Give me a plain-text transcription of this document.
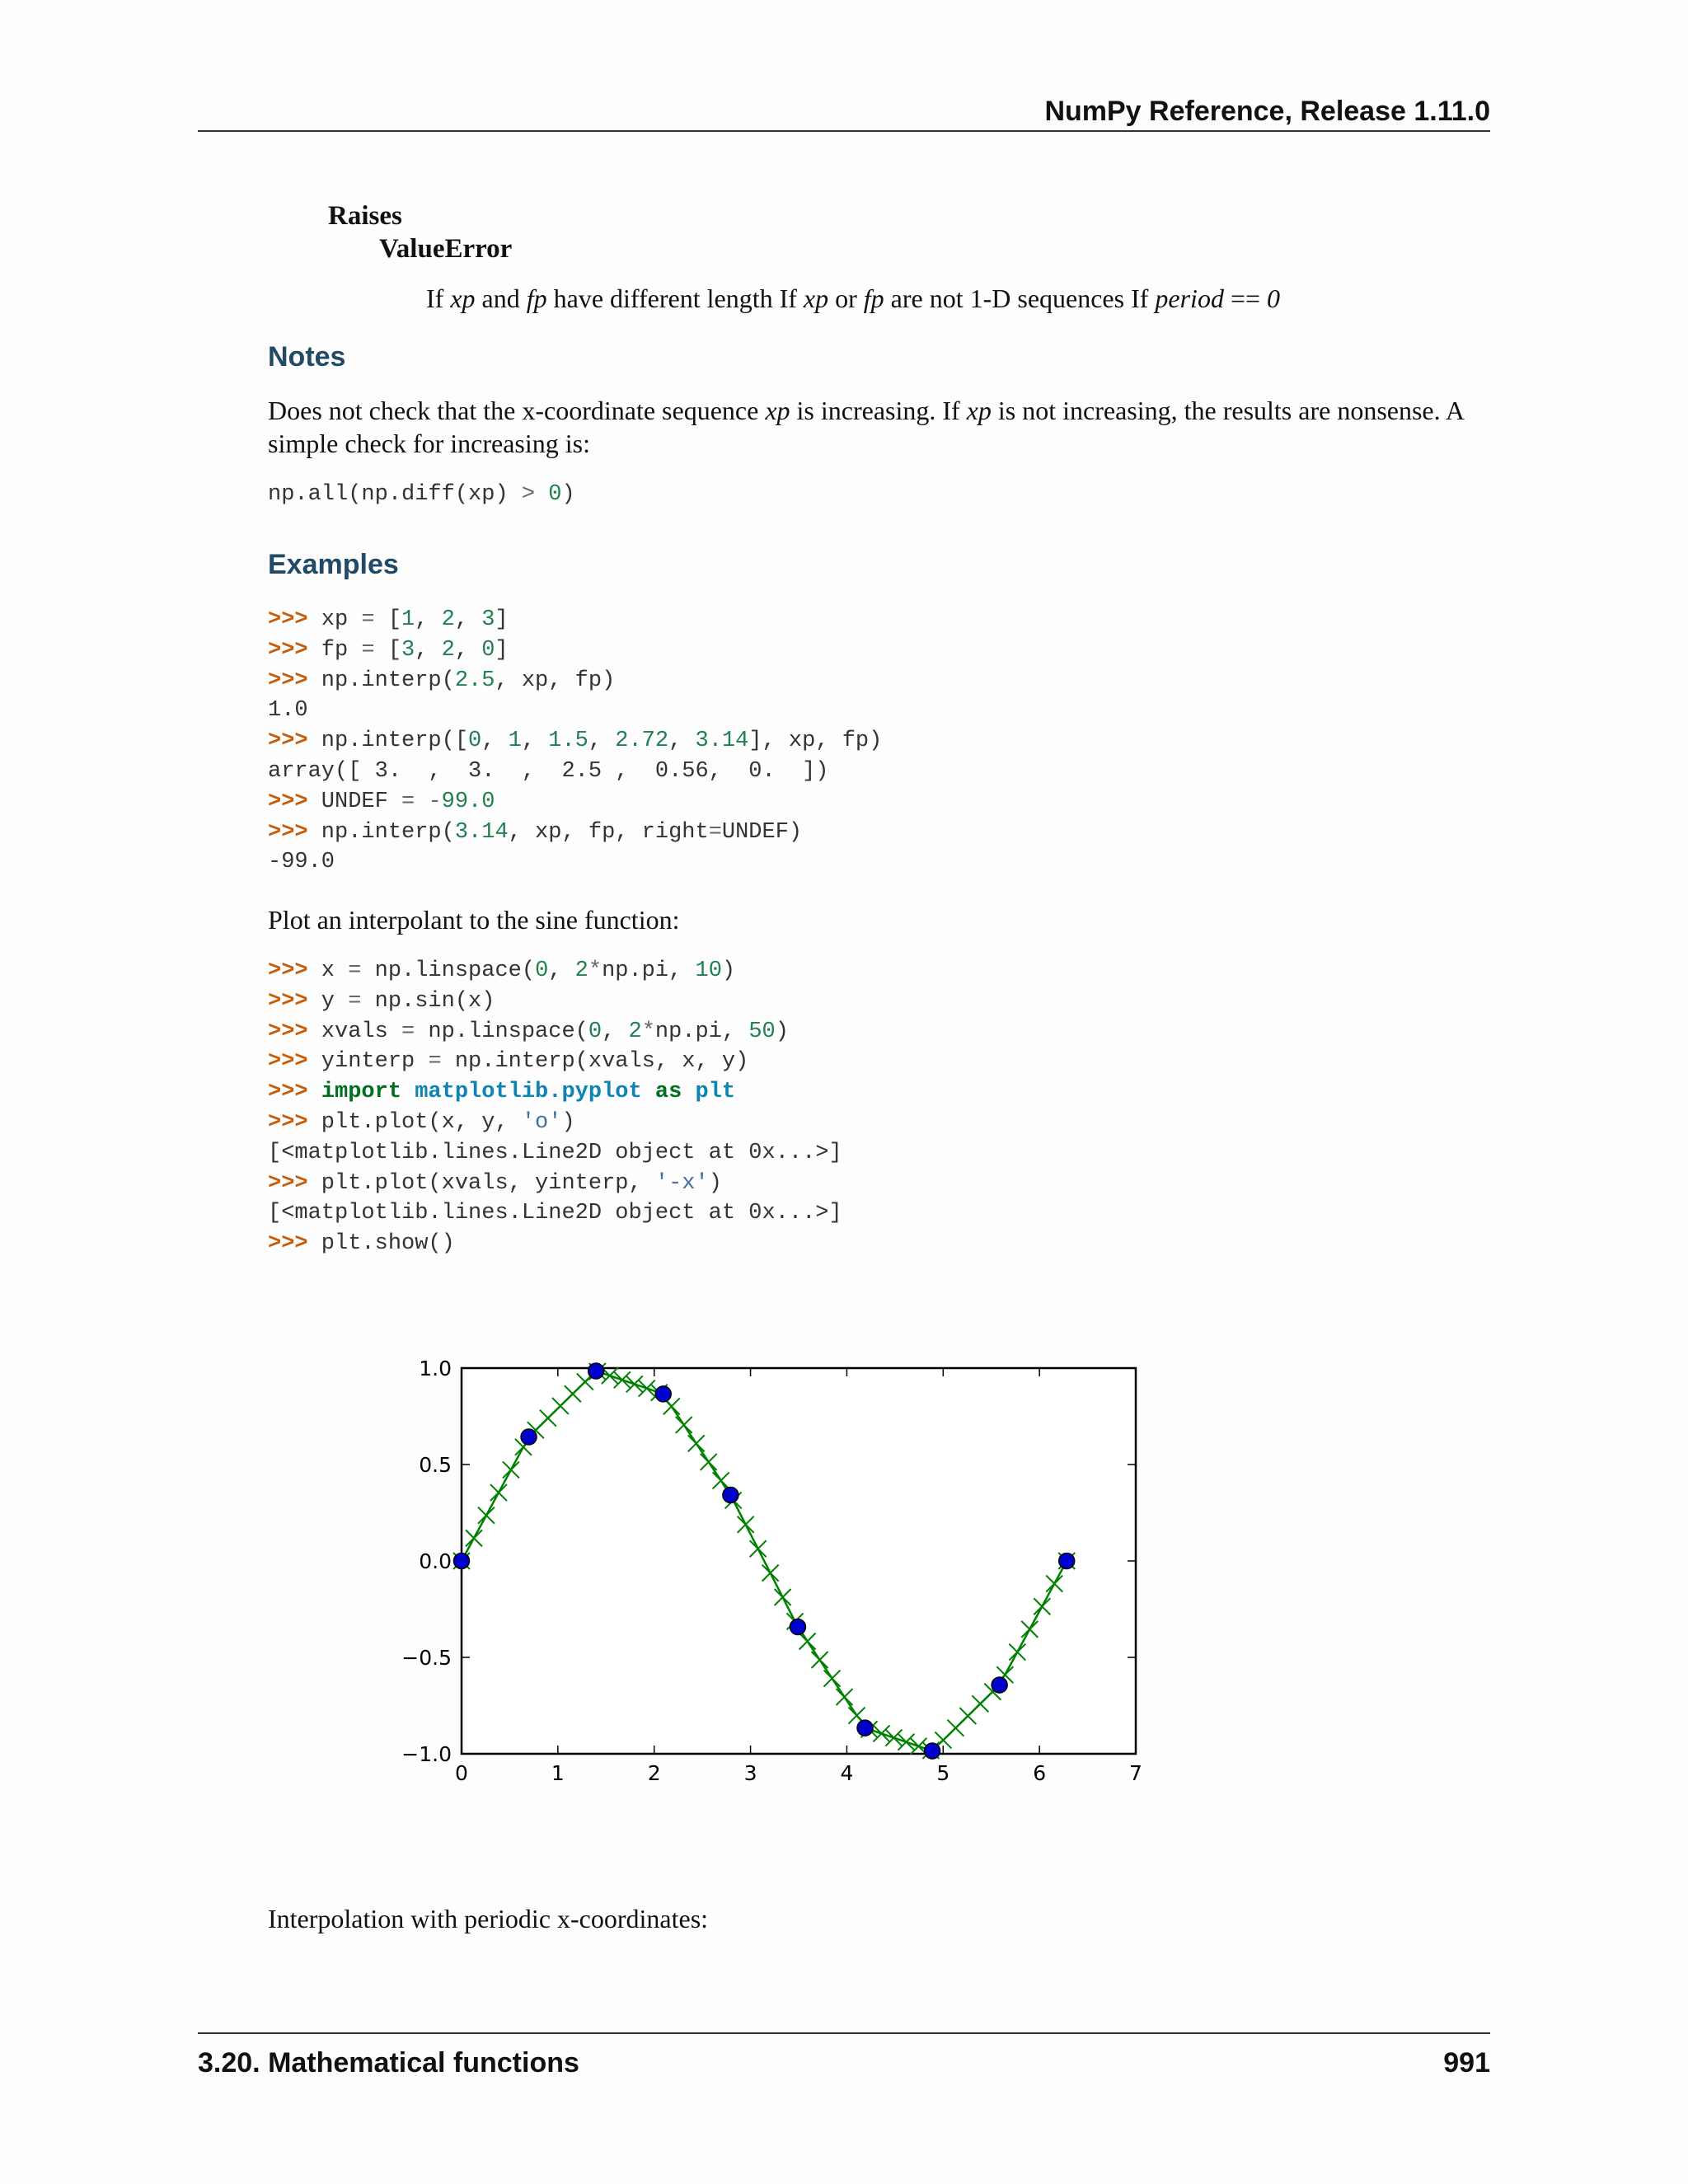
NumPy Reference, Release 1.11.0
Raises
ValueError
If xp and fp have different length If xp or fp are not 1-D sequences If period == 0
Notes
Does not check that the x-coordinate sequence xp is increasing. If xp is not increasing, the results are nonsense. A simple check for increasing is:
np.all(np.diff(xp) > 0)
Examples
>>> xp = [1, 2, 3]
>>> fp = [3, 2, 0]
>>> np.interp(2.5, xp, fp)
1.0
>>> np.interp([0, 1, 1.5, 2.72, 3.14], xp, fp)
array([ 3.  ,  3.  ,  2.5 ,  0.56,  0.  ])
>>> UNDEF = -99.0
>>> np.interp(3.14, xp, fp, right=UNDEF)
-99.0
Plot an interpolant to the sine function:
>>> x = np.linspace(0, 2*np.pi, 10)
>>> y = np.sin(x)
>>> xvals = np.linspace(0, 2*np.pi, 50)
>>> yinterp = np.interp(xvals, x, y)
>>> import matplotlib.pyplot as plt
>>> plt.plot(x, y, 'o')
[<matplotlib.lines.Line2D object at 0x...>]
>>> plt.plot(xvals, yinterp, '-x')
[<matplotlib.lines.Line2D object at 0x...>]
>>> plt.show()
0	1	2	3	4	5	6	7
−1.0
−0.5
0.0
0.5
1.0
Interpolation with periodic x-coordinates:
3.20. Mathematical functions	991
